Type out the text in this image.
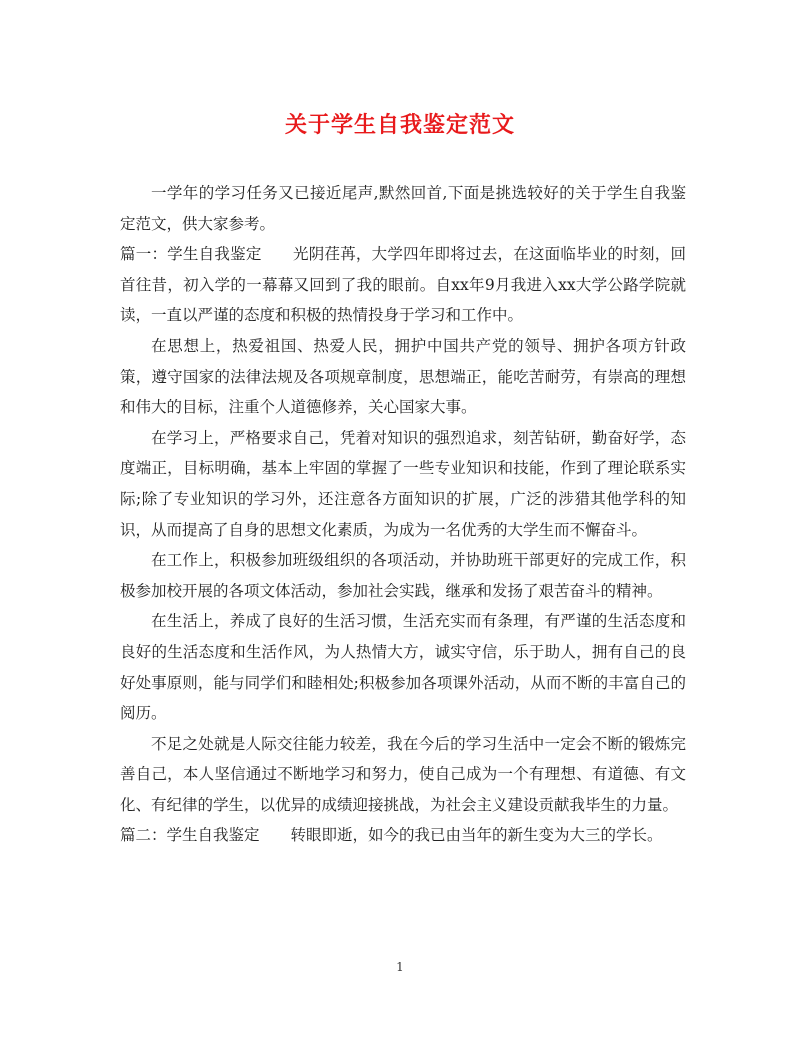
关于学生自我鉴定范文

一学年的学习任务又已接近尾声,默然回首,下面是挑选较好的关于学生自我鉴定范文，供大家参考。

篇一：学生自我鉴定　　 光阴荏苒，大学四年即将过去，在这面临毕业的时刻，回首往昔，初入学的一幕幕又回到了我的眼前。自xx年9月我进入xx大学公路学院就读，一直以严谨的态度和积极的热情投身于学习和工作中。

在思想上，热爱祖国、热爱人民，拥护中国共产党的领导、拥护各项方针政策，遵守国家的法律法规及各项规章制度，思想端正，能吃苦耐劳，有崇高的理想和伟大的目标，注重个人道德修养，关心国家大事。

在学习上，严格要求自己，凭着对知识的强烈追求，刻苦钻研，勤奋好学，态度端正，目标明确，基本上牢固的掌握了一些专业知识和技能，作到了理论联系实际;除了专业知识的学习外，还注意各方面知识的扩展，广泛的涉猎其他学科的知识，从而提高了自身的思想文化素质，为成为一名优秀的大学生而不懈奋斗。

在工作上，积极参加班级组织的各项活动，并协助班干部更好的完成工作，积极参加校开展的各项文体活动，参加社会实践，继承和发扬了艰苦奋斗的精神。

在生活上，养成了良好的生活习惯，生活充实而有条理，有严谨的生活态度和良好的生活态度和生活作风，为人热情大方，诚实守信，乐于助人，拥有自己的良好处事原则，能与同学们和睦相处;积极参加各项课外活动，从而不断的丰富自己的阅历。

不足之处就是人际交往能力较差，我在今后的学习生活中一定会不断的锻炼完善自己，本人坚信通过不断地学习和努力，使自己成为一个有理想、有道德、有文化、有纪律的学生，以优异的成绩迎接挑战，为社会主义建设贡献我毕生的力量。

篇二：学生自我鉴定　　 转眼即逝，如今的我已由当年的新生变为大三的学长。

1
